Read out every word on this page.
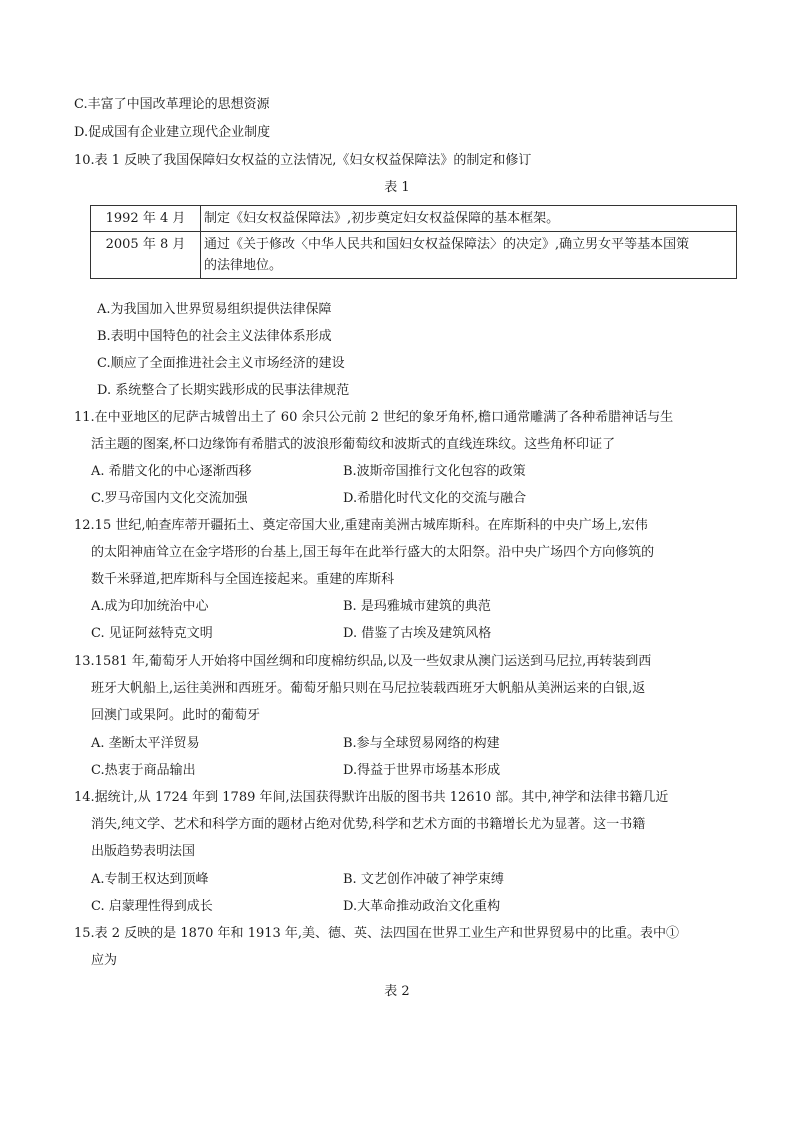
C.丰富了中国改革理论的思想资源
D.促成国有企业建立现代企业制度
10.表 1 反映了我国保障妇女权益的立法情况,《妇女权益保障法》的制定和修订
表 1
1992 年 4 月	制定《妇女权益保障法》,初步奠定妇女权益保障的基本框架。
2005 年 8 月	通过《关于修改〈中华人民共和国妇女权益保障法〉的决定》,确立男女平等基本国策
的法律地位。
A.为我国加入世界贸易组织提供法律保障
B.表明中国特色的社会主义法律体系形成
C.顺应了全面推进社会主义市场经济的建设
D. 系统整合了长期实践形成的民事法律规范
11.在中亚地区的尼萨古城曾出土了 60 余只公元前 2 世纪的象牙角杯,檐口通常雕满了各种希腊神话与生
活主题的图案,杯口边缘饰有希腊式的波浪形葡萄纹和波斯式的直线连珠纹。这些角杯印证了
A. 希腊文化的中心逐渐西移	B.波斯帝国推行文化包容的政策
C.罗马帝国内文化交流加强	D.希腊化时代文化的交流与融合
12.15 世纪,帕查库蒂开疆拓土、奠定帝国大业,重建南美洲古城库斯科。在库斯科的中央广场上,宏伟
的太阳神庙耸立在金字塔形的台基上,国王每年在此举行盛大的太阳祭。沿中央广场四个方向修筑的
数千米驿道,把库斯科与全国连接起来。重建的库斯科
A.成为印加统治中心	B. 是玛雅城市建筑的典范
C. 见证阿兹特克文明	D. 借鉴了古埃及建筑风格
13.1581 年,葡萄牙人开始将中国丝绸和印度棉纺织品,以及一些奴隶从澳门运送到马尼拉,再转装到西
班牙大帆船上,运往美洲和西班牙。葡萄牙船只则在马尼拉装载西班牙大帆船从美洲运来的白银,返
回澳门或果阿。此时的葡萄牙
A. 垄断太平洋贸易	B.参与全球贸易网络的构建
C.热衷于商品输出	D.得益于世界市场基本形成
14.据统计,从 1724 年到 1789 年间,法国获得默许出版的图书共 12610 部。其中,神学和法律书籍几近
消失,纯文学、艺术和科学方面的题材占绝对优势,科学和艺术方面的书籍增长尤为显著。这一书籍
出版趋势表明法国
A.专制王权达到顶峰	B. 文艺创作冲破了神学束缚
C. 启蒙理性得到成长	D.大革命推动政治文化重构
15.表 2 反映的是 1870 年和 1913 年,美、德、英、法四国在世界工业生产和世界贸易中的比重。表中①
应为
表 2
